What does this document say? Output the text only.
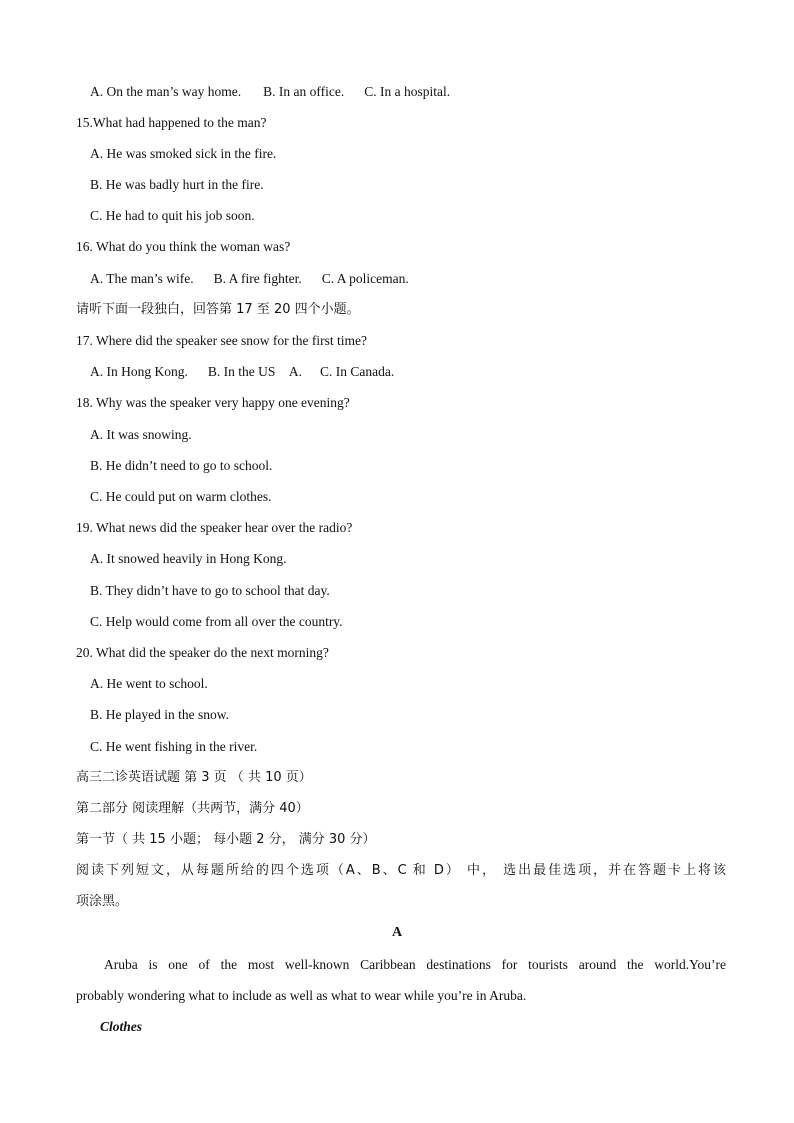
A. On the man’s way home. B. In an office. C. In a hospital.
15.What had happened to the man?
A. He was smoked sick in the fire.
B. He was badly hurt in the fire.
C. He had to quit his job soon.
16. What do you think the woman was?
A. The man’s wife. B. A fire fighter. C. A policeman.
请听下面一段独白，回答第 17 至 20 四个小题。
17. Where did the speaker see snow for the first time?
A. In Hong Kong. B. In the US　A. C. In Canada.
18. Why was the speaker very happy one evening?
A. It was snowing.
B. He didn’t need to go to school.
C. He could put on warm clothes.
19. What news did the speaker hear over the radio?
A. It snowed heavily in Hong Kong.
B. They didn’t have to go to school that day.
C. Help would come from all over the country.
20. What did the speaker do the next morning?
A. He went to school.
B. He played in the snow.
C. He went fishing in the river.
高三二诊英语试题 第 3 页 （ 共 10 页）
第二部分 阅读理解（共两节，满分 40）
第一节（ 共 15 小题； 每小题 2 分， 满分 30 分）
阅读下列短文，从每题所给的四个选项（A、B、C 和 D） 中， 选出最佳选项，并在答题卡上将该
项涂黑。
A
Aruba is one of the most well-known Caribbean destinations for tourists around the world.You’re
probably wondering what to include as well as what to wear while you’re in Aruba.
Clothes
